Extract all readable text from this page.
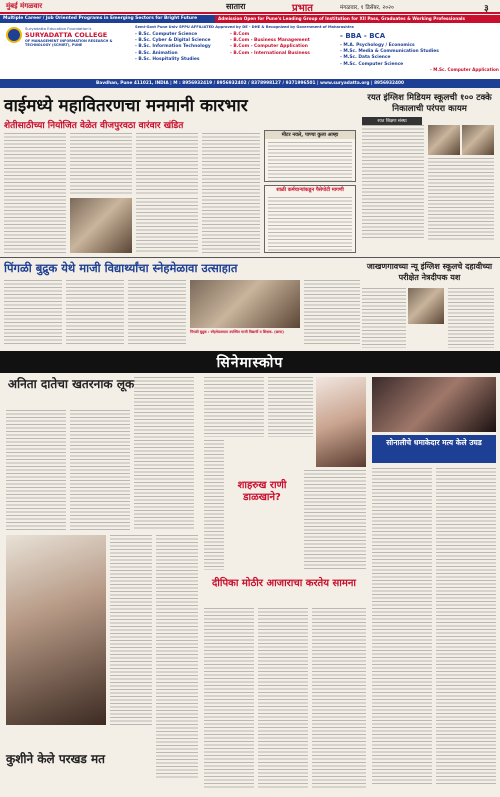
मुंबई मंगळवार	सातारा	प्रभात	मंगळवार, १ डिसेंबर, २०२०	३
Multiple Career / Job Oriented Programs in Emerging Sectors for Bright Future	Admission Open for Pune's Leading Group of Institution for XII Pass, Graduates & Working Professionals
Suryadatta Education Foundation's
SURYADATTA COLLEGE
OF MANAGEMENT INFORMATION RESEARCH & TECHNOLOGY (SCMIRT), PUNE
Semi-Govt Pune Univ SPPU AFFILIATED Approved by DE - DHE & Recognized by Government of Maharashtra
- B.Sc. Computer Science
- B.Sc. Cyber & Digital Science
- B.Sc. Information Technology
- B.Sc. Animation
- B.Sc. Hospitality Studies
- B.Com
- B.Com - Business Management
- B.Com - Computer Application
- B.Com - International Business
- BBA - BCA
- M.A. Psychology / Economics
- M.Sc. Media & Communication Studies
- M.Sc. Data Science
- M.Sc. Computer Science
- M.Sc. Computer Application
Bavdhan, Pune 411021, INDIA | M : 8956932419 / 8956932402 / 8378998127 / 9371996501 | www.suryadatta.org | 8956932400
वाईमध्ये महावितरणचा मनमानी कारभार
शेतीसाठीच्या नियोजित वेळेत वीजपुरवठा वारंवार खंडित
मीटर नवले, पाण्या कुला आम्हा
शाळी कर्मचाऱ्यांकडून पैसेपोटी मागणी
रयत इंग्लिश मिडियम स्कूलची १०० टक्के निकालाची परंपरा कायम
रयत शिक्षण संस्था
जाखणगावच्या न्यू इंग्लिश स्कूलचे दहावीच्या परीक्षेत नेत्रदीपक यश
पिंगळी बुद्रुक येथे माजी विद्यार्थ्यांचा स्नेहमेळावा उत्साहात
पिंगळी बुद्रुक : स्नेहमेळाव्यात उपस्थित माजी विद्यार्थी व शिक्षक. (छाया)
सिनेमास्कोप
अनिता दातेचा खतरनाक लूक
कुशीने केले परखड मत
शाहरुख राणी डाळखाने?
दीपिका मोठीर आजाराचा करतेय सामना
सोनालीचे धमाकेदार मत्य केले उघड
